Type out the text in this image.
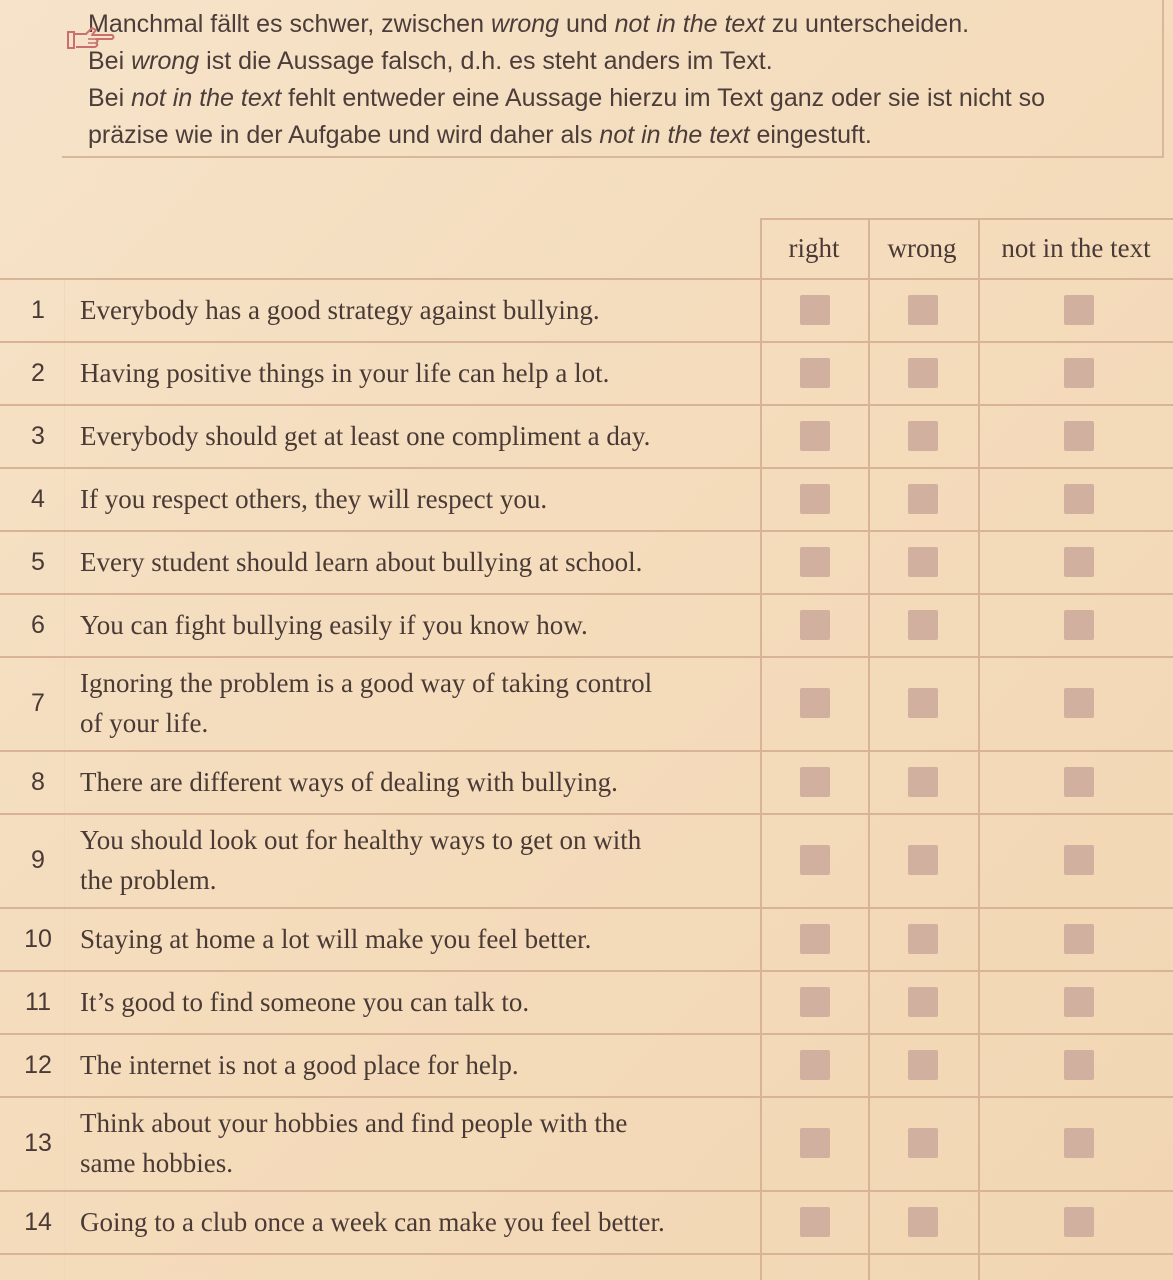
Manchmal fällt es schwer, zwischen wrong und not in the text zu unterscheiden.
Bei wrong ist die Aussage falsch, d.h. es steht anders im Text.
Bei not in the text fehlt entweder eine Aussage hierzu im Text ganz oder sie ist nicht so
präzise wie in der Aufgabe und wird daher als not in the text eingestuft.
right	wrong	not in the text
1	Everybody has a good strategy against bullying.
2	Having positive things in your life can help a lot.
3	Everybody should get at least one compliment a day.
4	If you respect others, they will respect you.
5	Every student should learn about bullying at school.
6	You can fight bullying easily if you know how.
7
Ignoring the problem is a good way of taking control
of your life.
8	There are different ways of dealing with bullying.
9
You should look out for healthy ways to get on with
the problem.
10 Staying at home a lot will make you feel better.
11	It’s good to find someone you can talk to.
12 The internet is not a good place for help.
13
Think about your hobbies and find people with the
same hobbies.
14 Going to a club once a week can make you feel better.
